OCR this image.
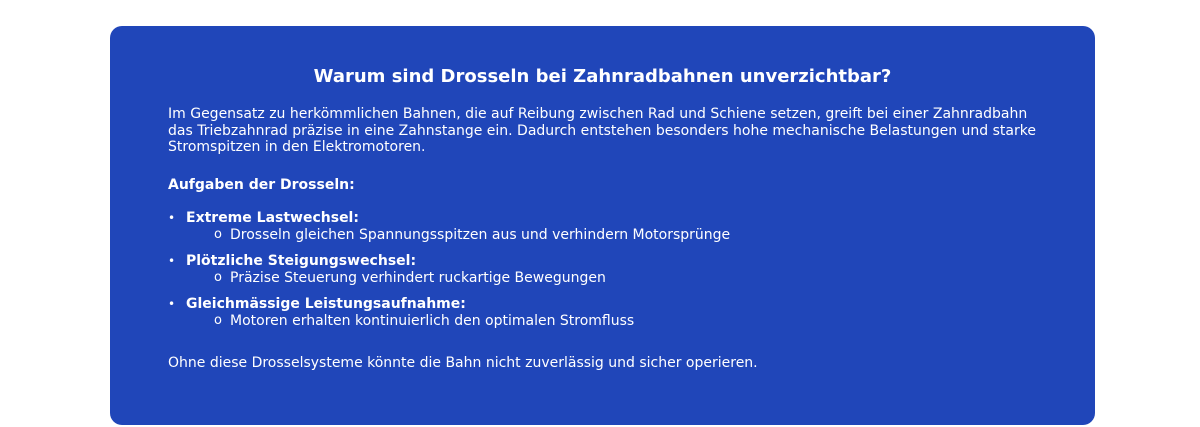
Warum sind Drosseln bei Zahnradbahnen unverzichtbar?

Im Gegensatz zu herkömmlichen Bahnen, die auf Reibung zwischen Rad und Schiene setzen, greift bei einer Zahnradbahn das Triebzahnrad präzise in eine Zahnstange ein. Dadurch entstehen besonders hohe mechanische Belastungen und starke Stromspitzen in den Elektromotoren.

Aufgaben der Drosseln:

• Extreme Lastwechsel:
o Drosseln gleichen Spannungsspitzen aus und verhindern Motorsprünge
• Plötzliche Steigungswechsel:
o Präzise Steuerung verhindert ruckartige Bewegungen
• Gleichmässige Leistungsaufnahme:
o Motoren erhalten kontinuierlich den optimalen Stromfluss

Ohne diese Drosselsysteme könnte die Bahn nicht zuverlässig und sicher operieren.
